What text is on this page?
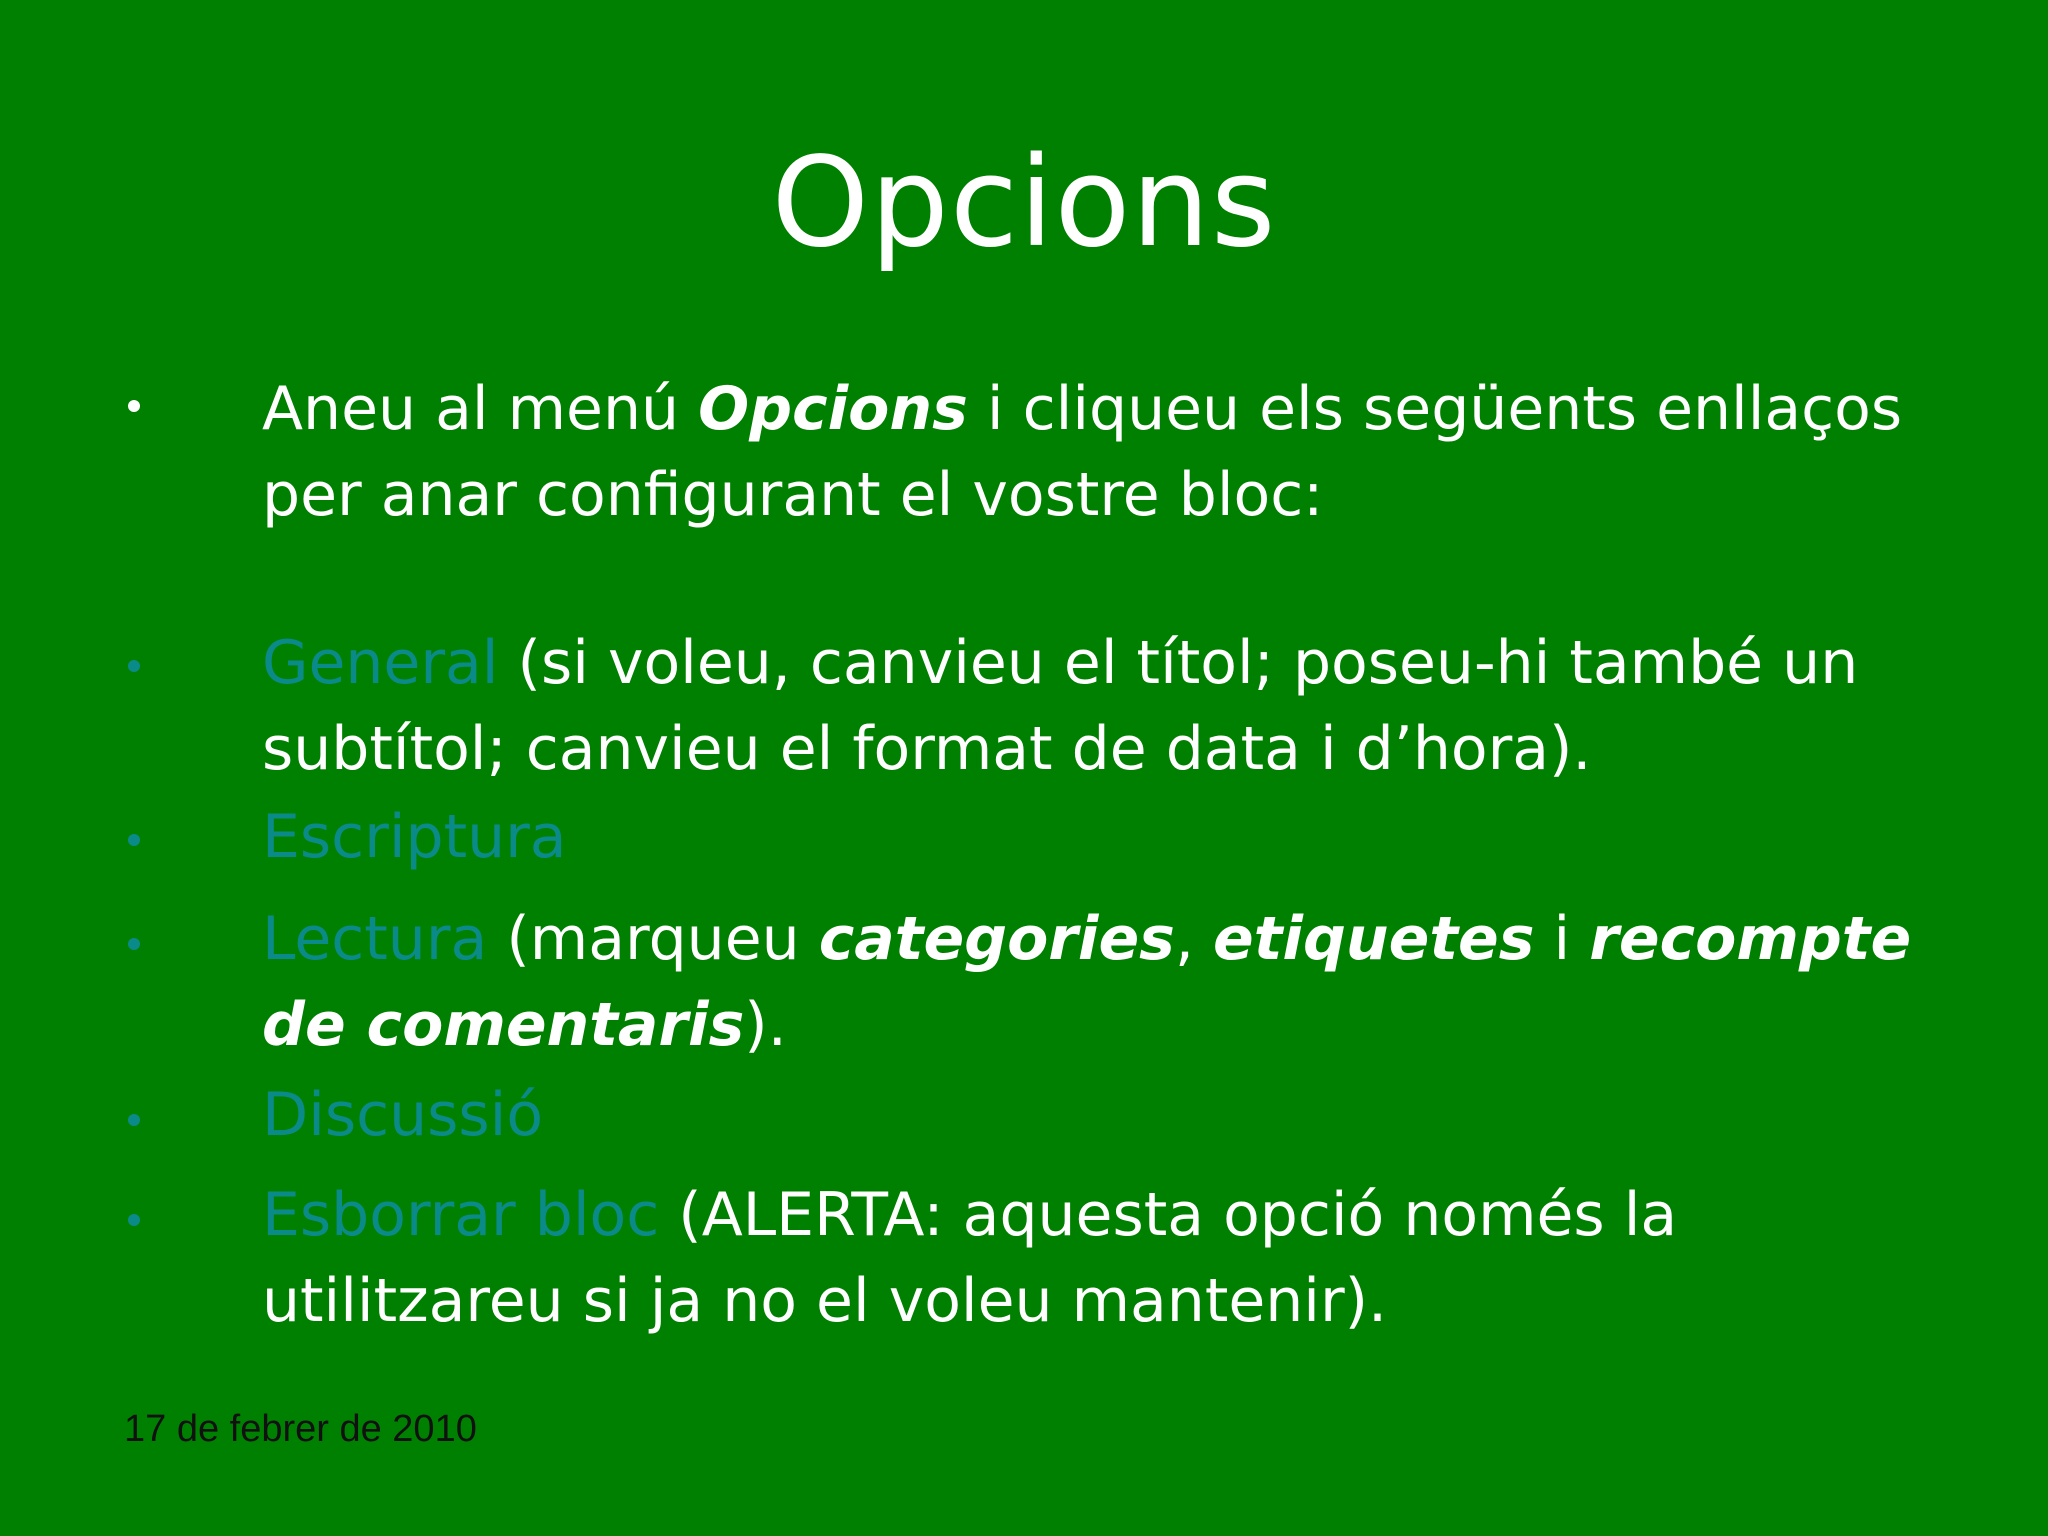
Opcions
Aneu al menú Opcions i cliqueu els següents enllaços per anar configurant el vostre bloc:
General (si voleu, canvieu el títol; poseu-hi també un subtítol; canvieu el format de data i d’hora).
Escriptura
Lectura (marqueu categories, etiquetes i recompte de comentaris).
Discussió
Esborrar bloc (ALERTA: aquesta opció només la utilitzareu si ja no el voleu mantenir).
17 de febrer de 2010
